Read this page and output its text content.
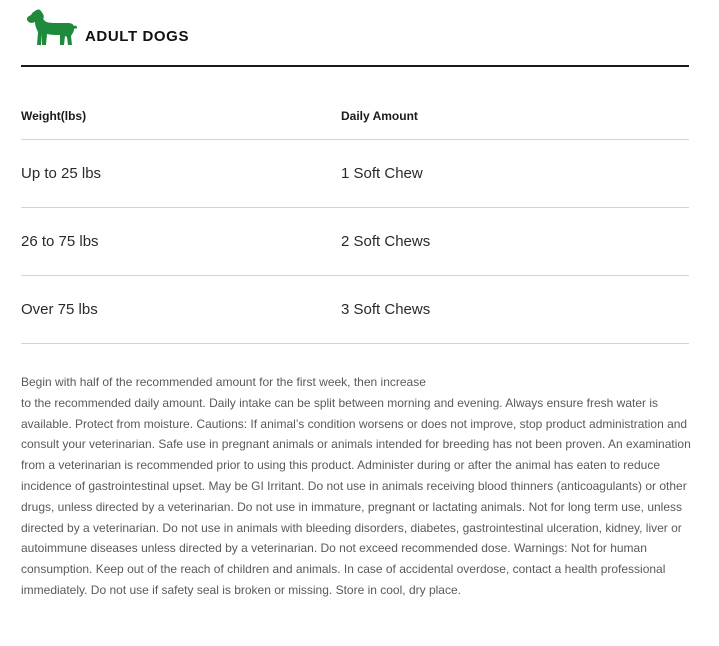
ADULT DOGS
Weight(lbs)	Daily Amount
Up to 25 lbs	1 Soft Chew
26 to 75 lbs	2 Soft Chews
Over 75 lbs	3 Soft Chews

Begin with half of the recommended amount for the first week, then increase

to the recommended daily amount. Daily intake can be split between morning and evening. Always ensure fresh water is available. Protect from moisture. Cautions: If animal’s condition worsens or does not improve, stop product administration and consult your veterinarian. Safe use in pregnant animals or animals intended for breeding has not been proven. An examination from a veterinarian is recommended prior to using this product. Administer during or after the animal has eaten to reduce incidence of gastrointestinal upset. May be GI Irritant. Do not use in animals receiving blood thinners (anticoagulants) or other drugs, unless directed by a veterinarian. Do not use in immature, pregnant or lactating animals. Not for long term use, unless directed by a veterinarian. Do not use in animals with bleeding disorders, diabetes, gastrointestinal ulceration, kidney, liver or autoimmune diseases unless directed by a veterinarian. Do not exceed recommended dose. Warnings: Not for human consumption. Keep out of the reach of children and animals. In case of accidental overdose, contact a health professional immediately. Do not use if safety seal is broken or missing. Store in cool, dry place.
